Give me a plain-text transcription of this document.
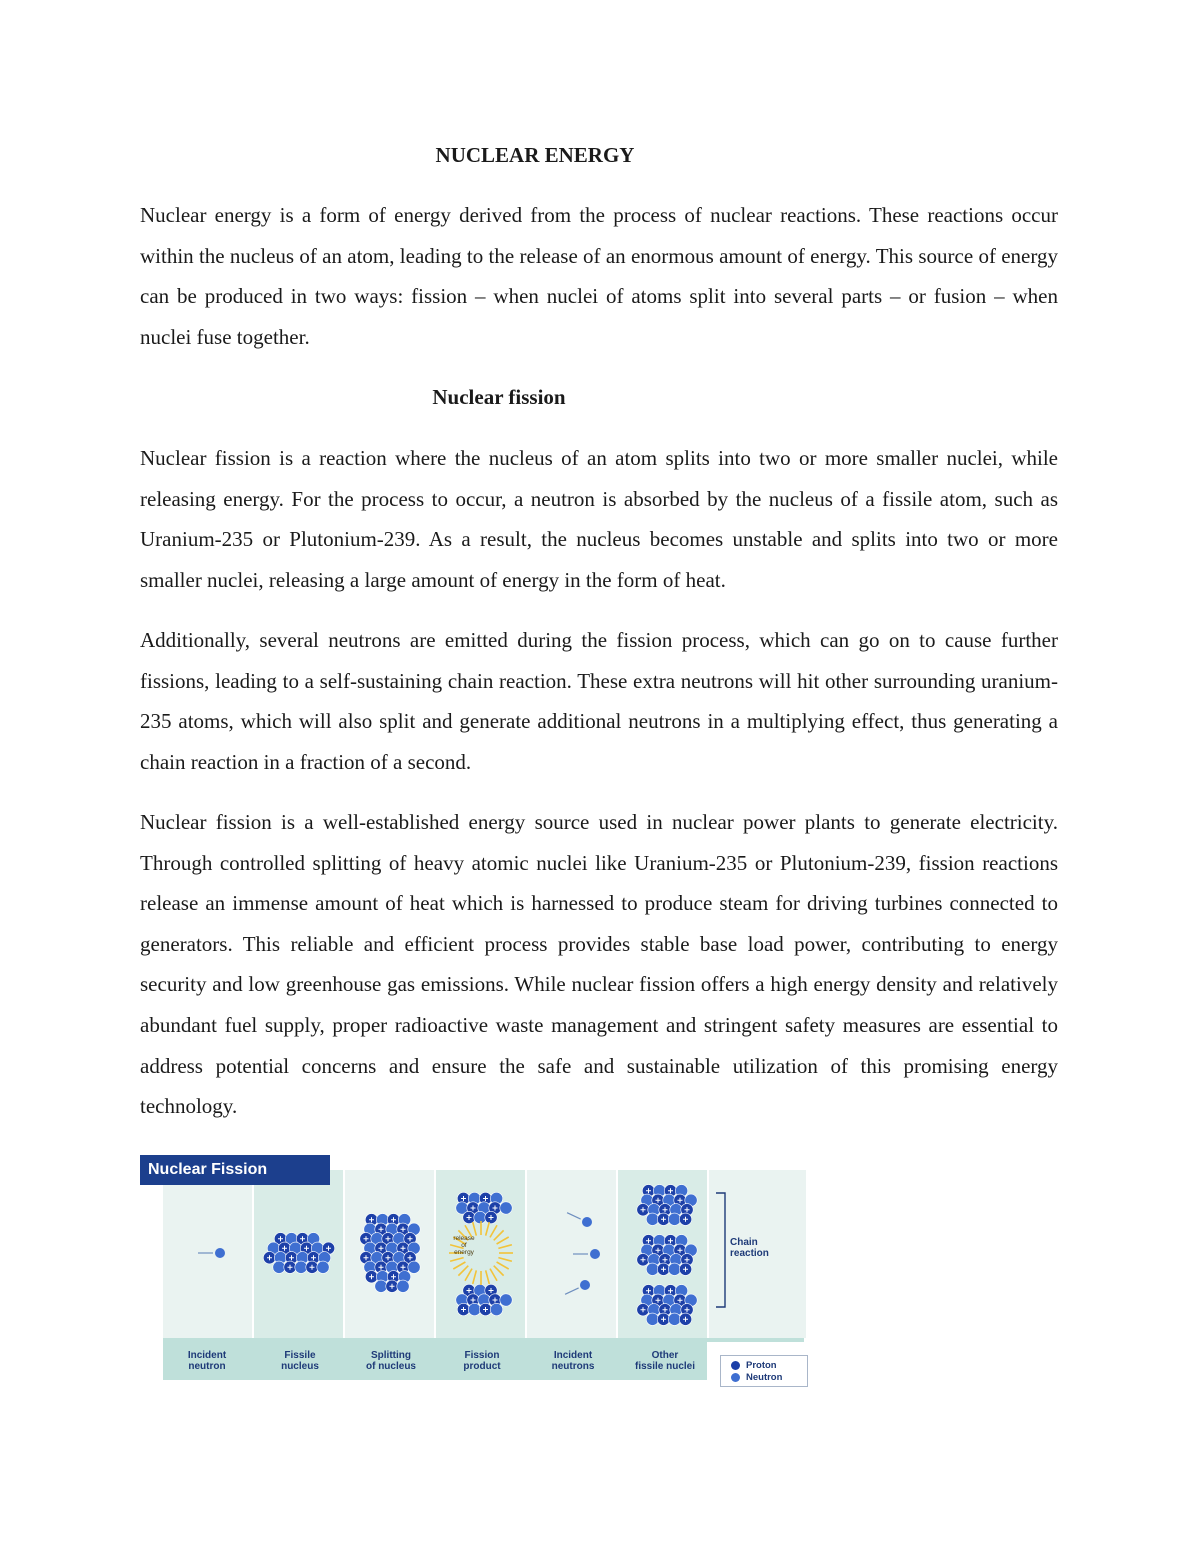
NUCLEAR ENERGY

Nuclear energy is a form of energy derived from the process of nuclear reactions. These reactions occur within the nucleus of an atom, leading to the release of an enormous amount of energy. This source of energy can be produced in two ways: fission – when nuclei of atoms split into several parts – or fusion – when nuclei fuse together.

Nuclear fission

Nuclear fission is a reaction where the nucleus of an atom splits into two or more smaller nuclei, while releasing energy. For the process to occur, a neutron is absorbed by the nucleus of a fissile atom, such as Uranium-235 or Plutonium-239. As a result, the nucleus becomes unstable and splits into two or more smaller nuclei, releasing a large amount of energy in the form of heat.

Additionally, several neutrons are emitted during the fission process, which can go on to cause further fissions, leading to a self-sustaining chain reaction. These extra neutrons will hit other surrounding uranium-235 atoms, which will also split and generate additional neutrons in a multiplying effect, thus generating a chain reaction in a fraction of a second.

Nuclear fission is a well-established energy source used in nuclear power plants to generate electricity. Through controlled splitting of heavy atomic nuclei like Uranium-235 or Plutonium-239, fission reactions release an immense amount of heat which is harnessed to produce steam for driving turbines connected to generators. This reliable and efficient process provides stable base load power, contributing to energy security and low greenhouse gas emissions. While nuclear fission offers a high energy density and relatively abundant fuel supply, proper radioactive waste management and stringent safety measures are essential to address potential concerns and ensure the safe and sustainable utilization of this promising energy technology.

Nuclear Fission
Incident
neutron
Fissile
nucleus
Splitting
of nucleus
Fission
product
Incident
neutrons
Other
fissile nuclei
release
of
energy
Chain
reaction
Proton
Neutron
